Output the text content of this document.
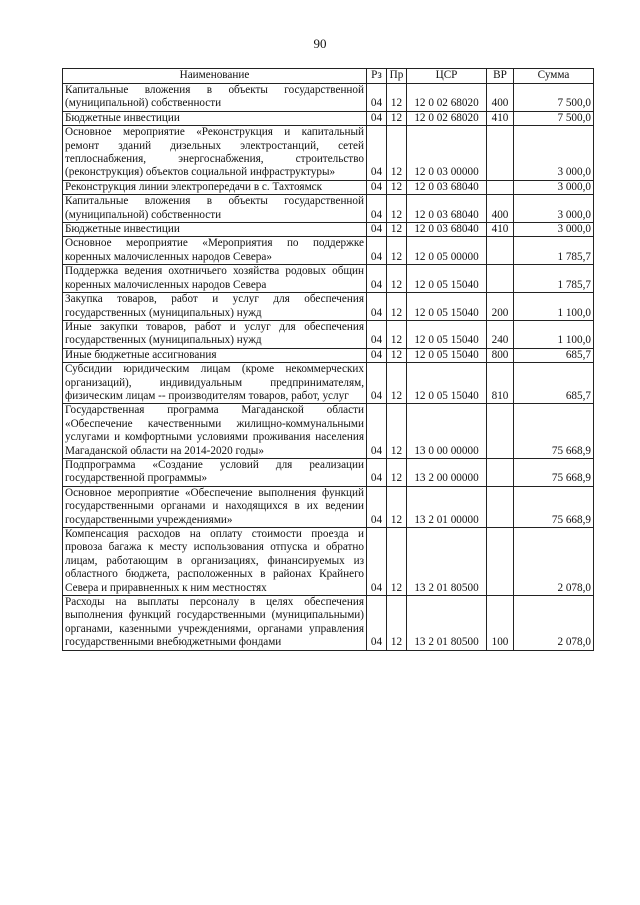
90
Наименование	Рз	Пр	ЦСР	ВР	Сумма
Капитальные вложения в объекты государственной (муниципальной) собственности	04	12	12 0 02 68020	400	7 500,0
Бюджетные инвестиции	04	12	12 0 02 68020	410	7 500,0
Основное мероприятие «Реконструкция и капитальный ремонт зданий дизельных электростанций, сетей теплоснабжения, энергоснабжения, строительство (реконструкция) объектов социальной инфраструктуры»	04	12	12 0 03 00000		3 000,0
Реконструкция линии электропередачи в с. Тахтоямск	04	12	12 0 03 68040		3 000,0
Капитальные вложения в объекты государственной (муниципальной) собственности	04	12	12 0 03 68040	400	3 000,0
Бюджетные инвестиции	04	12	12 0 03 68040	410	3 000,0
Основное мероприятие «Мероприятия по поддержке коренных малочисленных народов Севера»	04	12	12 0 05 00000		1 785,7
Поддержка ведения охотничьего хозяйства родовых общин коренных малочисленных народов Севера	04	12	12 0 05 15040		1 785,7
Закупка товаров, работ и услуг для обеспечения государственных (муниципальных) нужд	04	12	12 0 05 15040	200	1 100,0
Иные закупки товаров, работ и услуг для обеспечения государственных (муниципальных) нужд	04	12	12 0 05 15040	240	1 100,0
Иные бюджетные ассигнования	04	12	12 0 05 15040	800	685,7
Субсидии юридическим лицам (кроме некоммерческих организаций), индивидуальным предпринимателям, физическим лицам -- производителям товаров, работ, услуг	04	12	12 0 05 15040	810	685,7
Государственная программа Магаданской области «Обеспечение качественными жилищно-коммунальными услугами и комфортными условиями проживания населения Магаданской области на 2014-2020 годы»	04	12	13 0 00 00000		75 668,9
Подпрограмма «Создание условий для реализации государственной программы»	04	12	13 2 00 00000		75 668,9
Основное мероприятие «Обеспечение выполнения функций государственными органами и находящихся в их ведении государственными учреждениями»	04	12	13 2 01 00000		75 668,9
Компенсация расходов на оплату стоимости проезда и провоза багажа к месту использования отпуска и обратно лицам, работающим в организациях, финансируемых из областного бюджета, расположенных в районах Крайнего Севера и приравненных к ним местностях	04	12	13 2 01 80500		2 078,0
Расходы на выплаты персоналу в целях обеспечения выполнения функций государственными (муниципальными) органами, казенными учреждениями, органами управления государственными внебюджетными фондами	04	12	13 2 01 80500	100	2 078,0
